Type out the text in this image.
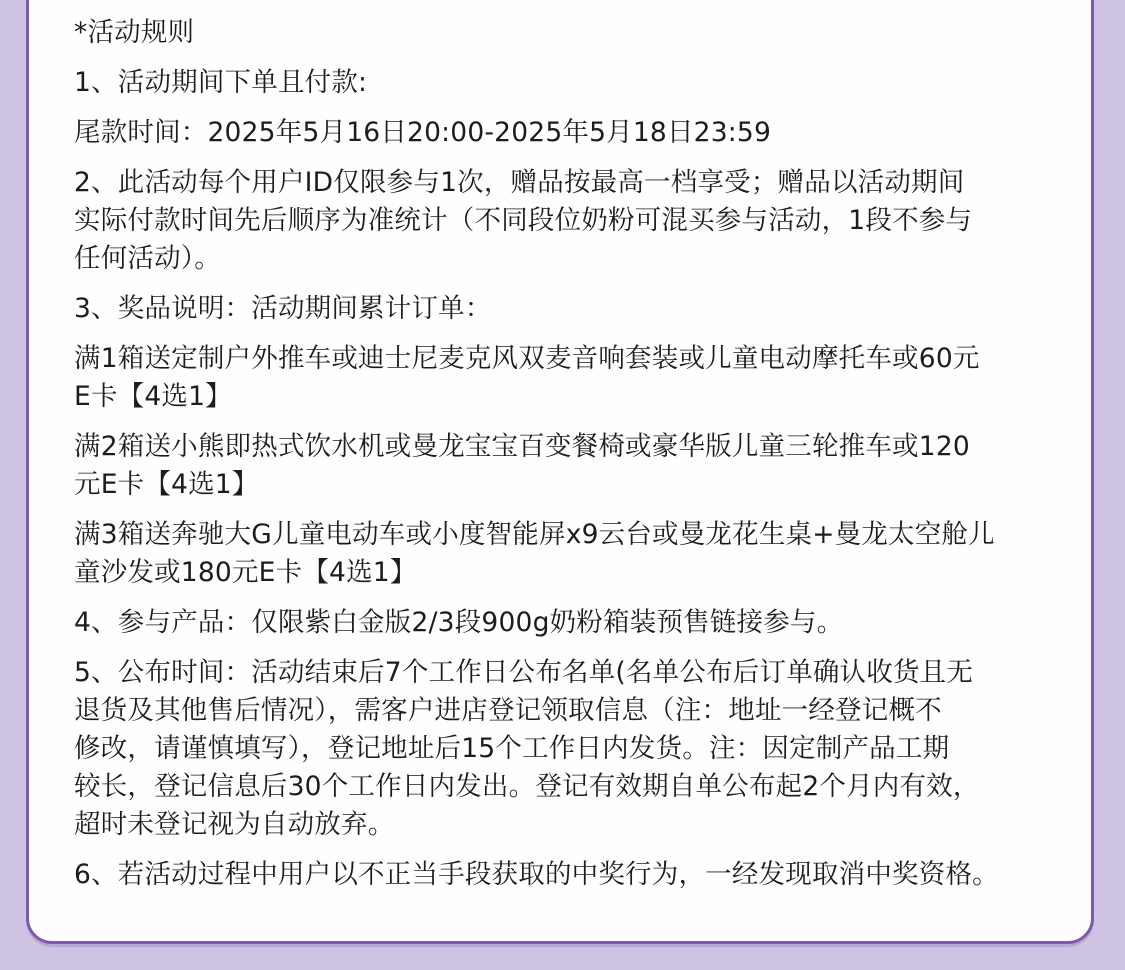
*活动规则
1、活动期间下单且付款:
尾款时间：2025年5月16日20:00-2025年5月18日23:59
2、此活动每个用户ID仅限参与1次，赠品按最高一档享受；赠品以活动期间
实际付款时间先后顺序为准统计（不同段位奶粉可混买参与活动，1段不参与
任何活动）。
3、奖品说明：活动期间累计订单：
满1箱送定制户外推车或迪士尼麦克风双麦音响套装或儿童电动摩托车或60元
E卡【4选1】
满2箱送小熊即热式饮水机或曼龙宝宝百变餐椅或豪华版儿童三轮推车或120
元E卡【4选1】
满3箱送奔驰大G儿童电动车或小度智能屏x9云台或曼龙花生桌+曼龙太空舱儿
童沙发或180元E卡【4选1】
4、参与产品：仅限紫白金版2/3段900g奶粉箱装预售链接参与。
5、公布时间：活动结束后7个工作日公布名单(名单公布后订单确认收货且无
退货及其他售后情况），需客户进店登记领取信息（注：地址一经登记概不
修改，请谨慎填写），登记地址后15个工作日内发货。注：因定制产品工期
较长，登记信息后30个工作日内发出。登记有效期自单公布起2个月内有效，
超时未登记视为自动放弃。
6、若活动过程中用户以不正当手段获取的中奖行为，一经发现取消中奖资格。
